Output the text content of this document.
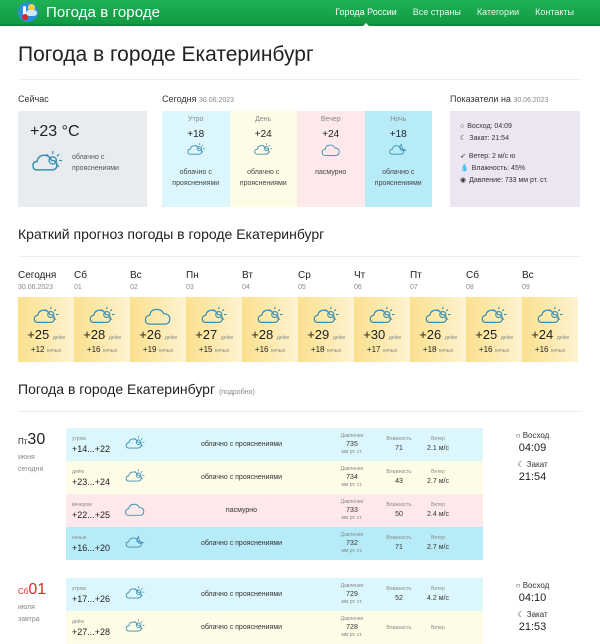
Погода в городе	Города России	Все страны	Категории	Контакты
Погода в городе Екатеринбург
Сейчас
+23 °C
облачно с
прояснениями
Сегодня 30.06.2023
Утро
+18
облачно с
прояснениями
День
+24
облачно с
прояснениями
Вечер
+24
пасмурно
Ночь
+18
облачно с
прояснениями
Показатели на 30.06.2023
○ Восход: 04:09
☾ Закат: 21:54
➶ Ветер: 2 м/с ю
💧 Влажность: 45%
◉ Давление: 733 мм рт. ст.
Краткий прогноз погоды в городе Екатеринбург
Сегодня
30.06.2023
+25 днём
+12 ночью
Сб
01
+28 днём
+16 ночью
Вс
02
+26 днём
+19 ночью
Пн
03
+27 днём
+15 ночью
Вт
04
+28 днём
+16 ночью
Ср
05
+29 днём
+18 ночью
Чт
06
+30 днём
+17 ночью
Пт
07
+26 днём
+18 ночью
Сб
08
+25 днём
+16 ночью
Вс
09
+24 днём
+16 ночью
Погода в городе Екатеринбург (подробно)
Пт30
июня
сегодня
утром
+14...+22	облачно с прояснениями
Давление
735
мм рт. ст.
Влажность
71
Ветер
2.1 м/с
днём
+23...+24	облачно с прояснениями
Давление
734
мм рт. ст.
Влажность
43
Ветер
2.7 м/с
вечером
+22...+25	пасмурно
Давление
733
мм рт. ст.
Влажность
50
Ветер
2.4 м/с
ночью
+16...+20	облачно с прояснениями
Давление
732
мм рт. ст.
Влажность
71
Ветер
2.7 м/с
○ Восход
04:09
☾ Закат
21:54
Сб01
июля
завтра
утром
+17...+26	облачно с прояснениями
Давление
729
мм рт. ст.
Влажность
52
Ветер
4.2 м/с
днём
+27...+28	облачно с прояснениями
Давление
728
мм рт. ст.
Влажность	Ветер
○ Восход
04:10
☾ Закат
21:53
